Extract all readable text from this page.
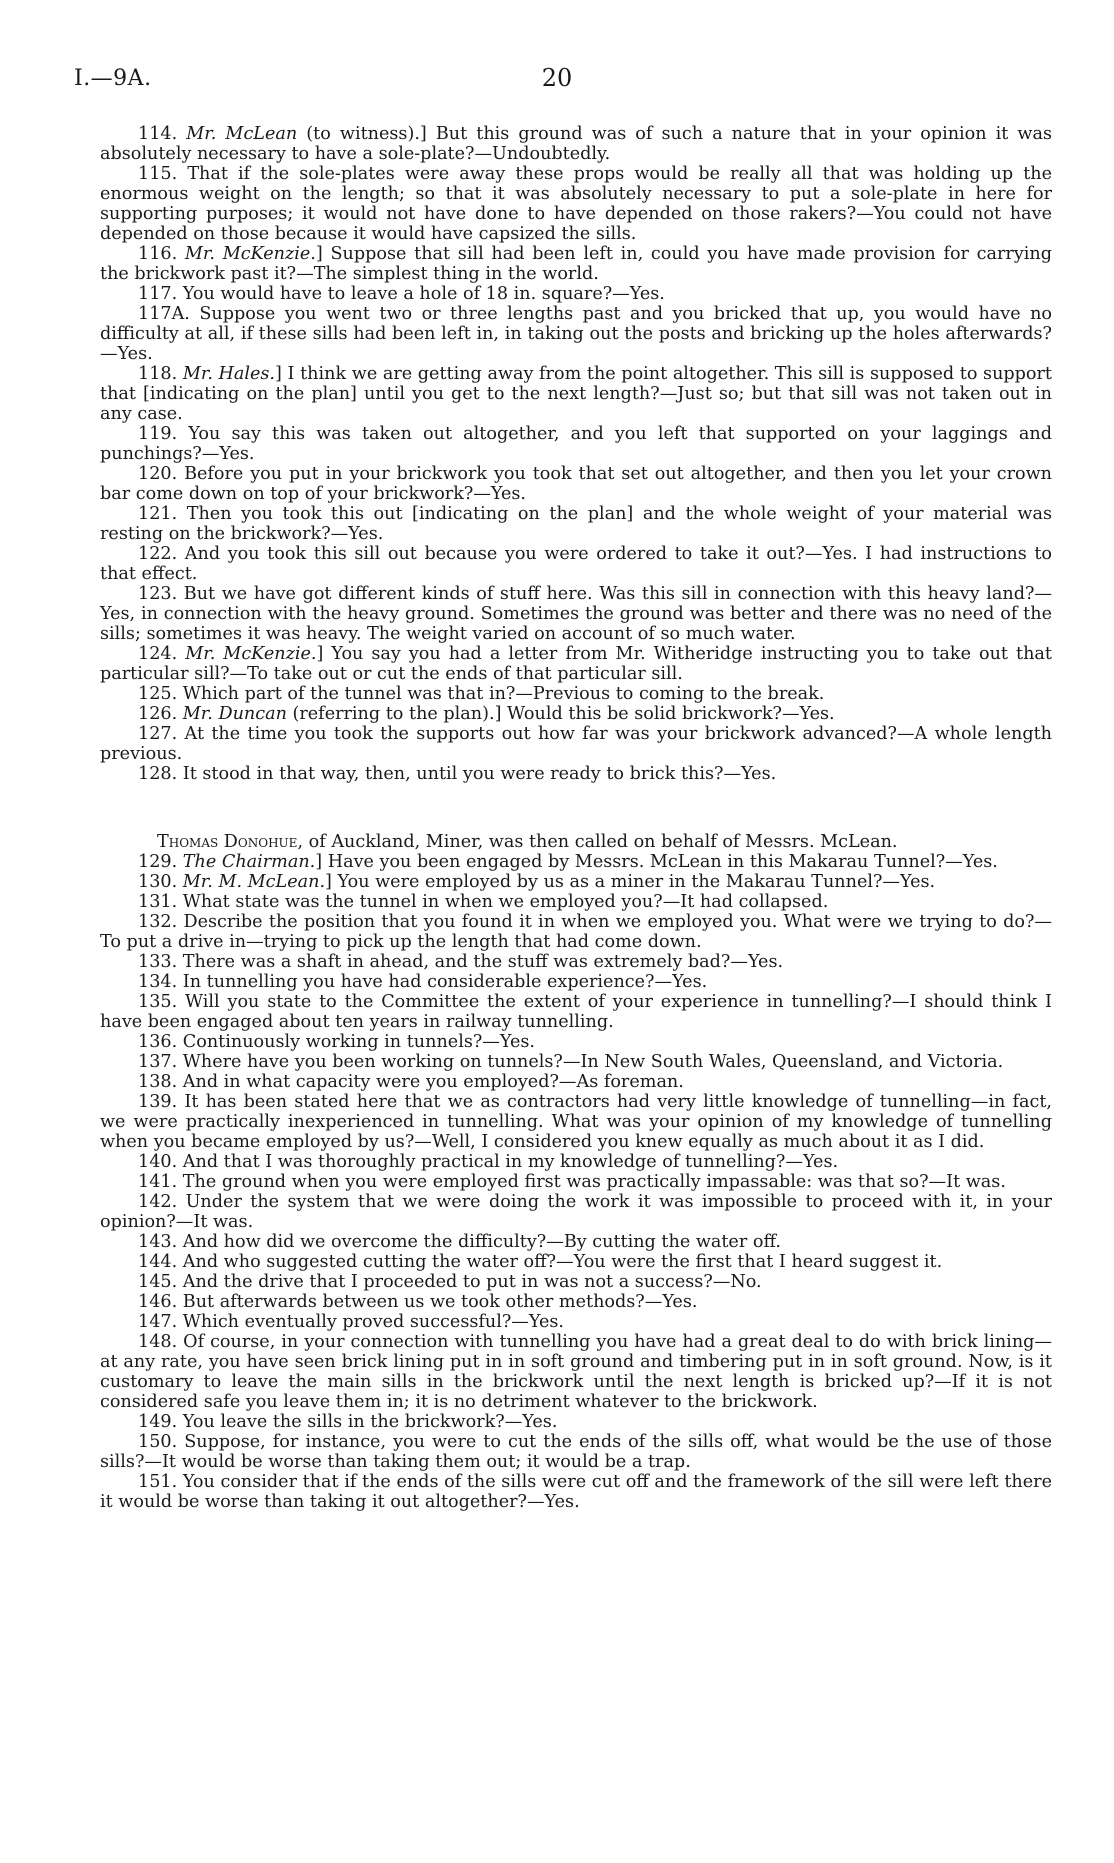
I.—9A.	20

114. Mr. McLean (to witness).] But this ground was of such a nature that in your opinion it was absolutely necessary to have a sole-plate?—Undoubtedly.

115. That if the sole-plates were away these props would be really all that was holding up the enormous weight on the length; so that it was absolutely necessary to put a sole-plate in here for supporting purposes; it would not have done to have depended on those rakers?—You could not have depended on those because it would have capsized the sills.

116. Mr. McKenzie.] Suppose that sill had been left in, could you have made provision for carrying the brickwork past it?—The simplest thing in the world.

117. You would have to leave a hole of 18 in. square?—Yes.

117A. Suppose you went two or three lengths past and you bricked that up, you would have no difficulty at all, if these sills had been left in, in taking out the posts and bricking up the holes afterwards?—Yes.

118. Mr. Hales.] I think we are getting away from the point altogether. This sill is supposed to support that [indicating on the plan] until you get to the next length?—Just so; but that sill was not taken out in any case.

119. You say this was taken out altogether, and you left that supported on your laggings and punchings?—Yes.

120. Before you put in your brickwork you took that set out altogether, and then you let your crown bar come down on top of your brickwork?—Yes.

121. Then you took this out [indicating on the plan] and the whole weight of your material was resting on the brickwork?—Yes.

122. And you took this sill out because you were ordered to take it out?—Yes. I had instructions to that effect.

123. But we have got different kinds of stuff here. Was this sill in connection with this heavy land?—Yes, in connection with the heavy ground. Sometimes the ground was better and there was no need of the sills; sometimes it was heavy. The weight varied on account of so much water.

124. Mr. McKenzie.] You say you had a letter from Mr. Witheridge instructing you to take out that particular sill?—To take out or cut the ends of that particular sill.

125. Which part of the tunnel was that in?—Previous to coming to the break.

126. Mr. Duncan (referring to the plan).] Would this be solid brickwork?—Yes.

127. At the time you took the supports out how far was your brickwork advanced?—A whole length previous.

128. It stood in that way, then, until you were ready to brick this?—Yes.

Thomas Donohue, of Auckland, Miner, was then called on behalf of Messrs. McLean.

129. The Chairman.] Have you been engaged by Messrs. McLean in this Makarau Tunnel?—Yes.

130. Mr. M. McLean.] You were employed by us as a miner in the Makarau Tunnel?—Yes.

131. What state was the tunnel in when we employed you?—It had collapsed.

132. Describe the position that you found it in when we employed you. What were we trying to do?—To put a drive in—trying to pick up the length that had come down.

133. There was a shaft in ahead, and the stuff was extremely bad?—Yes.

134. In tunnelling you have had considerable experience?—Yes.

135. Will you state to the Committee the extent of your experience in tunnelling?—I should think I have been engaged about ten years in railway tunnelling.

136. Continuously working in tunnels?—Yes.

137. Where have you been working on tunnels?—In New South Wales, Queensland, and Victoria.

138. And in what capacity were you employed?—As foreman.

139. It has been stated here that we as contractors had very little knowledge of tunnelling—in fact, we were practically inexperienced in tunnelling. What was your opinion of my knowledge of tunnelling when you became employed by us?—Well, I considered you knew equally as much about it as I did.

140. And that I was thoroughly practical in my knowledge of tunnelling?—Yes.

141. The ground when you were employed first was practically impassable: was that so?—It was.

142. Under the system that we were doing the work it was impossible to proceed with it, in your opinion?—It was.

143. And how did we overcome the difficulty?—By cutting the water off.

144. And who suggested cutting the water off?—You were the first that I heard suggest it.

145. And the drive that I proceeded to put in was not a success?—No.

146. But afterwards between us we took other methods?—Yes.

147. Which eventually proved successful?—Yes.

148. Of course, in your connection with tunnelling you have had a great deal to do with brick lining—at any rate, you have seen brick lining put in in soft ground and timbering put in in soft ground. Now, is it customary to leave the main sills in the brickwork until the next length is bricked up?—If it is not considered safe you leave them in; it is no detriment whatever to the brickwork.

149. You leave the sills in the brickwork?—Yes.

150. Suppose, for instance, you were to cut the ends of the sills off, what would be the use of those sills?—It would be worse than taking them out; it would be a trap.

151. You consider that if the ends of the sills were cut off and the framework of the sill were left there it would be worse than taking it out altogether?—Yes.
